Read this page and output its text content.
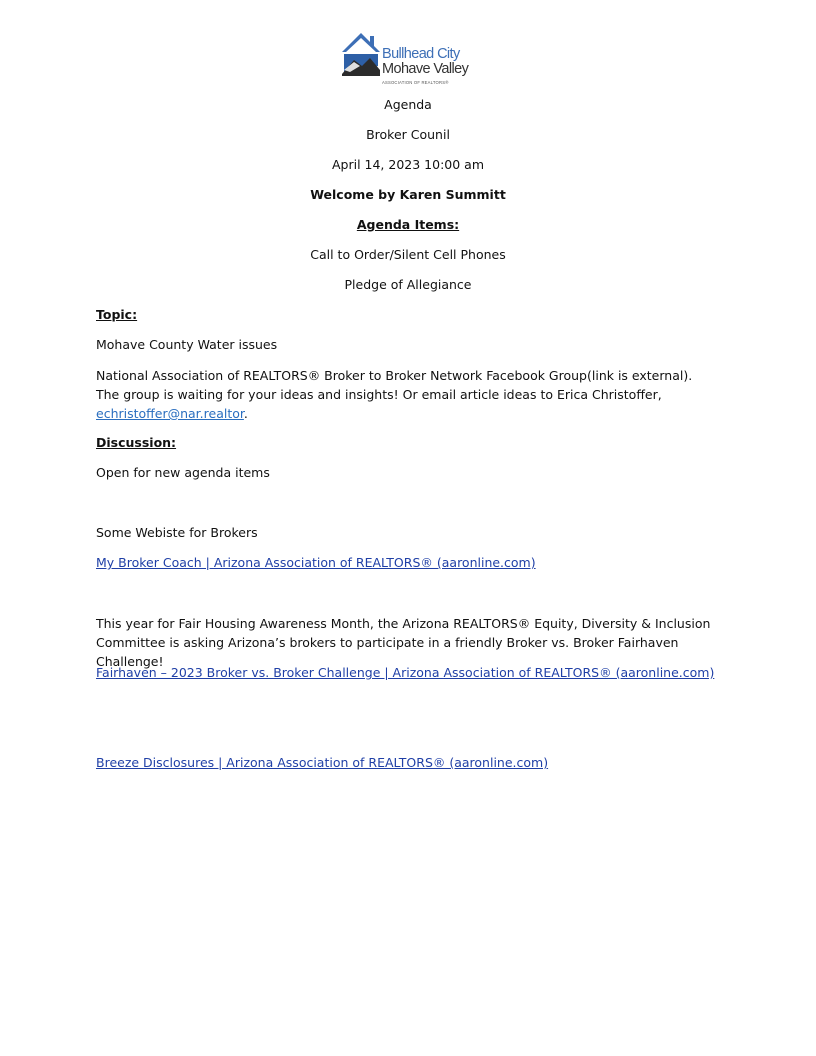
Bullhead City
Mohave Valley
ASSOCIATION OF REALTORS®
Agenda
Broker Counil
April 14, 2023 10:00 am
Welcome by Karen Summitt
Agenda Items:
Call to Order/Silent Cell Phones
Pledge of Allegiance
Topic:
Mohave County Water issues
National Association of REALTORS® Broker to Broker Network Facebook Group(link is external). The group is waiting for your ideas and insights! Or email article ideas to Erica Christoffer, echristoffer@nar.realtor.
Discussion:
Open for new agenda items
Some Webiste for Brokers
My Broker Coach | Arizona Association of REALTORS® (aaronline.com)
This year for Fair Housing Awareness Month, the Arizona REALTORS® Equity, Diversity & Inclusion Committee is asking Arizona’s brokers to participate in a friendly Broker vs. Broker Fairhaven Challenge!
Fairhaven – 2023 Broker vs. Broker Challenge | Arizona Association of REALTORS® (aaronline.com)
Breeze Disclosures | Arizona Association of REALTORS® (aaronline.com)
